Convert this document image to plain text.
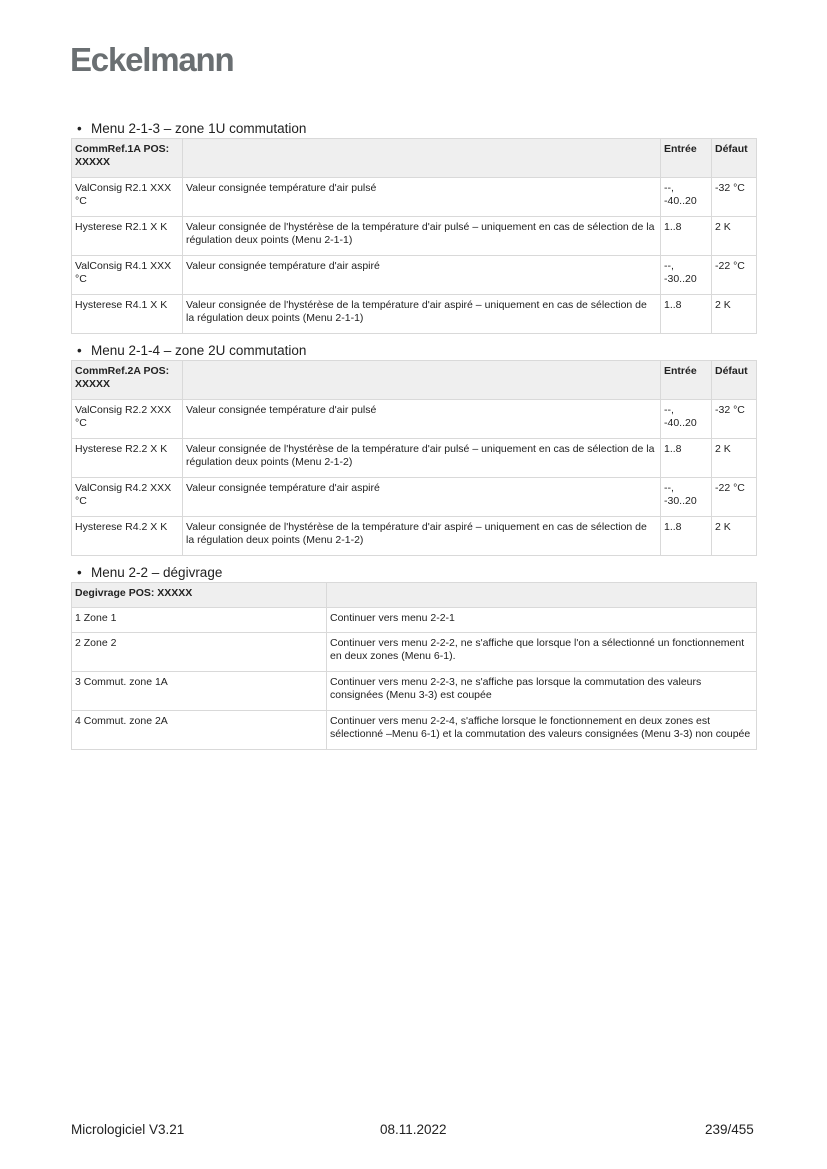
Eckelmann
• Menu 2-1-3 – zone 1U commutation
CommRef.1A POS: XXXXX		Entrée	Défaut
ValConsig R2.1 XXX °C	Valeur consignée température d'air pulsé	--, -40..20	-32 °C
Hysterese R2.1 X K	Valeur consignée de l'hystérèse de la température d'air pulsé – uniquement en cas de sélection de la régulation deux points (Menu 2-1-1)	1..8	2 K
ValConsig R4.1 XXX °C	Valeur consignée température d'air aspiré	--, -30..20	-22 °C
Hysterese R4.1 X K	Valeur consignée de l'hystérèse de la température d'air aspiré – uniquement en cas de sélection de la régulation deux points (Menu 2-1-1)	1..8	2 K
• Menu 2-1-4 – zone 2U commutation
CommRef.2A POS: XXXXX		Entrée	Défaut
ValConsig R2.2 XXX °C	Valeur consignée température d'air pulsé	--, -40..20	-32 °C
Hysterese R2.2 X K	Valeur consignée de l'hystérèse de la température d'air pulsé – uniquement en cas de sélection de la régulation deux points (Menu 2-1-2)	1..8	2 K
ValConsig R4.2 XXX °C	Valeur consignée température d'air aspiré	--, -30..20	-22 °C
Hysterese R4.2 X K	Valeur consignée de l'hystérèse de la température d'air aspiré – uniquement en cas de sélection de la régulation deux points (Menu 2-1-2)	1..8	2 K
• Menu 2-2 – dégivrage
Degivrage POS: XXXXX	
1 Zone 1	Continuer vers menu 2-2-1
2 Zone 2	Continuer vers menu 2-2-2, ne s'affiche que lorsque l'on a sélectionné un fonctionnement en deux zones (Menu 6-1).
3 Commut. zone 1A	Continuer vers menu 2-2-3, ne s'affiche pas lorsque la commutation des valeurs consignées (Menu 3-3) est coupée
4 Commut. zone 2A	Continuer vers menu 2-2-4, s'affiche lorsque le fonctionnement en deux zones est sélectionné –Menu 6-1) et la commutation des valeurs consignées (Menu 3-3) non coupée
Micrologiciel V3.21	08.11.2022	239/455
